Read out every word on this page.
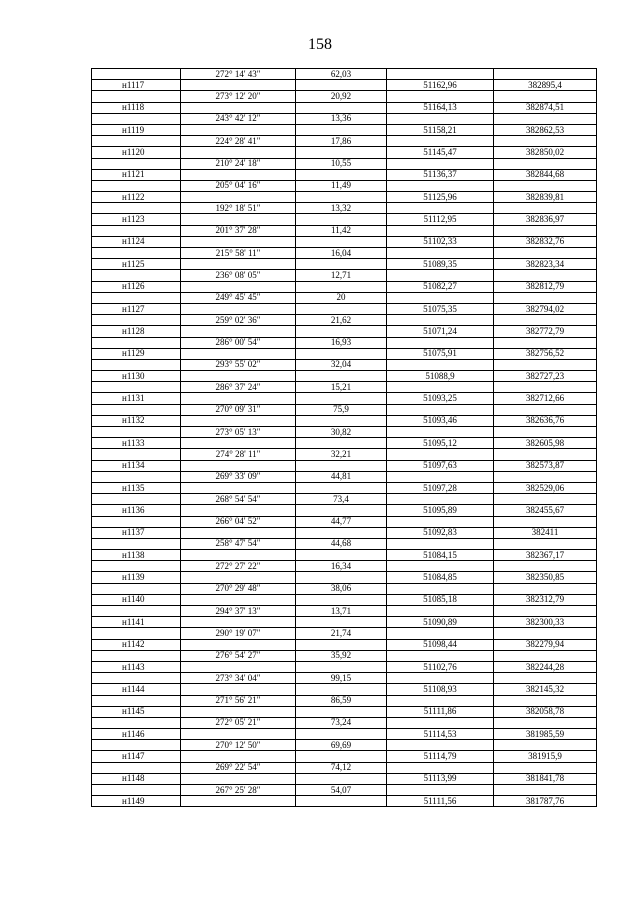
158
	272° 14' 43"	62,03		
н1117			51162,96	382895,4
	273° 12' 20"	20,92		
н1118			51164,13	382874,51
	243° 42' 12"	13,36		
н1119			51158,21	382862,53
	224° 28' 41"	17,86		
н1120			51145,47	382850,02
	210° 24' 18"	10,55		
н1121			51136,37	382844,68
	205° 04' 16"	11,49		
н1122			51125,96	382839,81
	192° 18' 51"	13,32		
н1123			51112,95	382836,97
	201° 37' 28"	11,42		
н1124			51102,33	382832,76
	215° 58' 11"	16,04		
н1125			51089,35	382823,34
	236° 08' 05"	12,71		
н1126			51082,27	382812,79
	249° 45' 45"	20		
н1127			51075,35	382794,02
	259° 02' 36"	21,62		
н1128			51071,24	382772,79
	286° 00' 54"	16,93		
н1129			51075,91	382756,52
	293° 55' 02"	32,04		
н1130			51088,9	382727,23
	286° 37' 24"	15,21		
н1131			51093,25	382712,66
	270° 09' 31"	75,9		
н1132			51093,46	382636,76
	273° 05' 13"	30,82		
н1133			51095,12	382605,98
	274° 28' 11"	32,21		
н1134			51097,63	382573,87
	269° 33' 09"	44,81		
н1135			51097,28	382529,06
	268° 54' 54"	73,4		
н1136			51095,89	382455,67
	266° 04' 52"	44,77		
н1137			51092,83	382411
	258° 47' 54"	44,68		
н1138			51084,15	382367,17
	272° 27' 22"	16,34		
н1139			51084,85	382350,85
	270° 29' 48"	38,06		
н1140			51085,18	382312,79
	294° 37' 13"	13,71		
н1141			51090,89	382300,33
	290° 19' 07"	21,74		
н1142			51098,44	382279,94
	276° 54' 27"	35,92		
н1143			51102,76	382244,28
	273° 34' 04"	99,15		
н1144			51108,93	382145,32
	271° 56' 21"	86,59		
н1145			51111,86	382058,78
	272° 05' 21"	73,24		
н1146			51114,53	381985,59
	270° 12' 50"	69,69		
н1147			51114,79	381915,9
	269° 22' 54"	74,12		
н1148			51113,99	381841,78
	267° 25' 28"	54,07		
н1149			51111,56	381787,76
